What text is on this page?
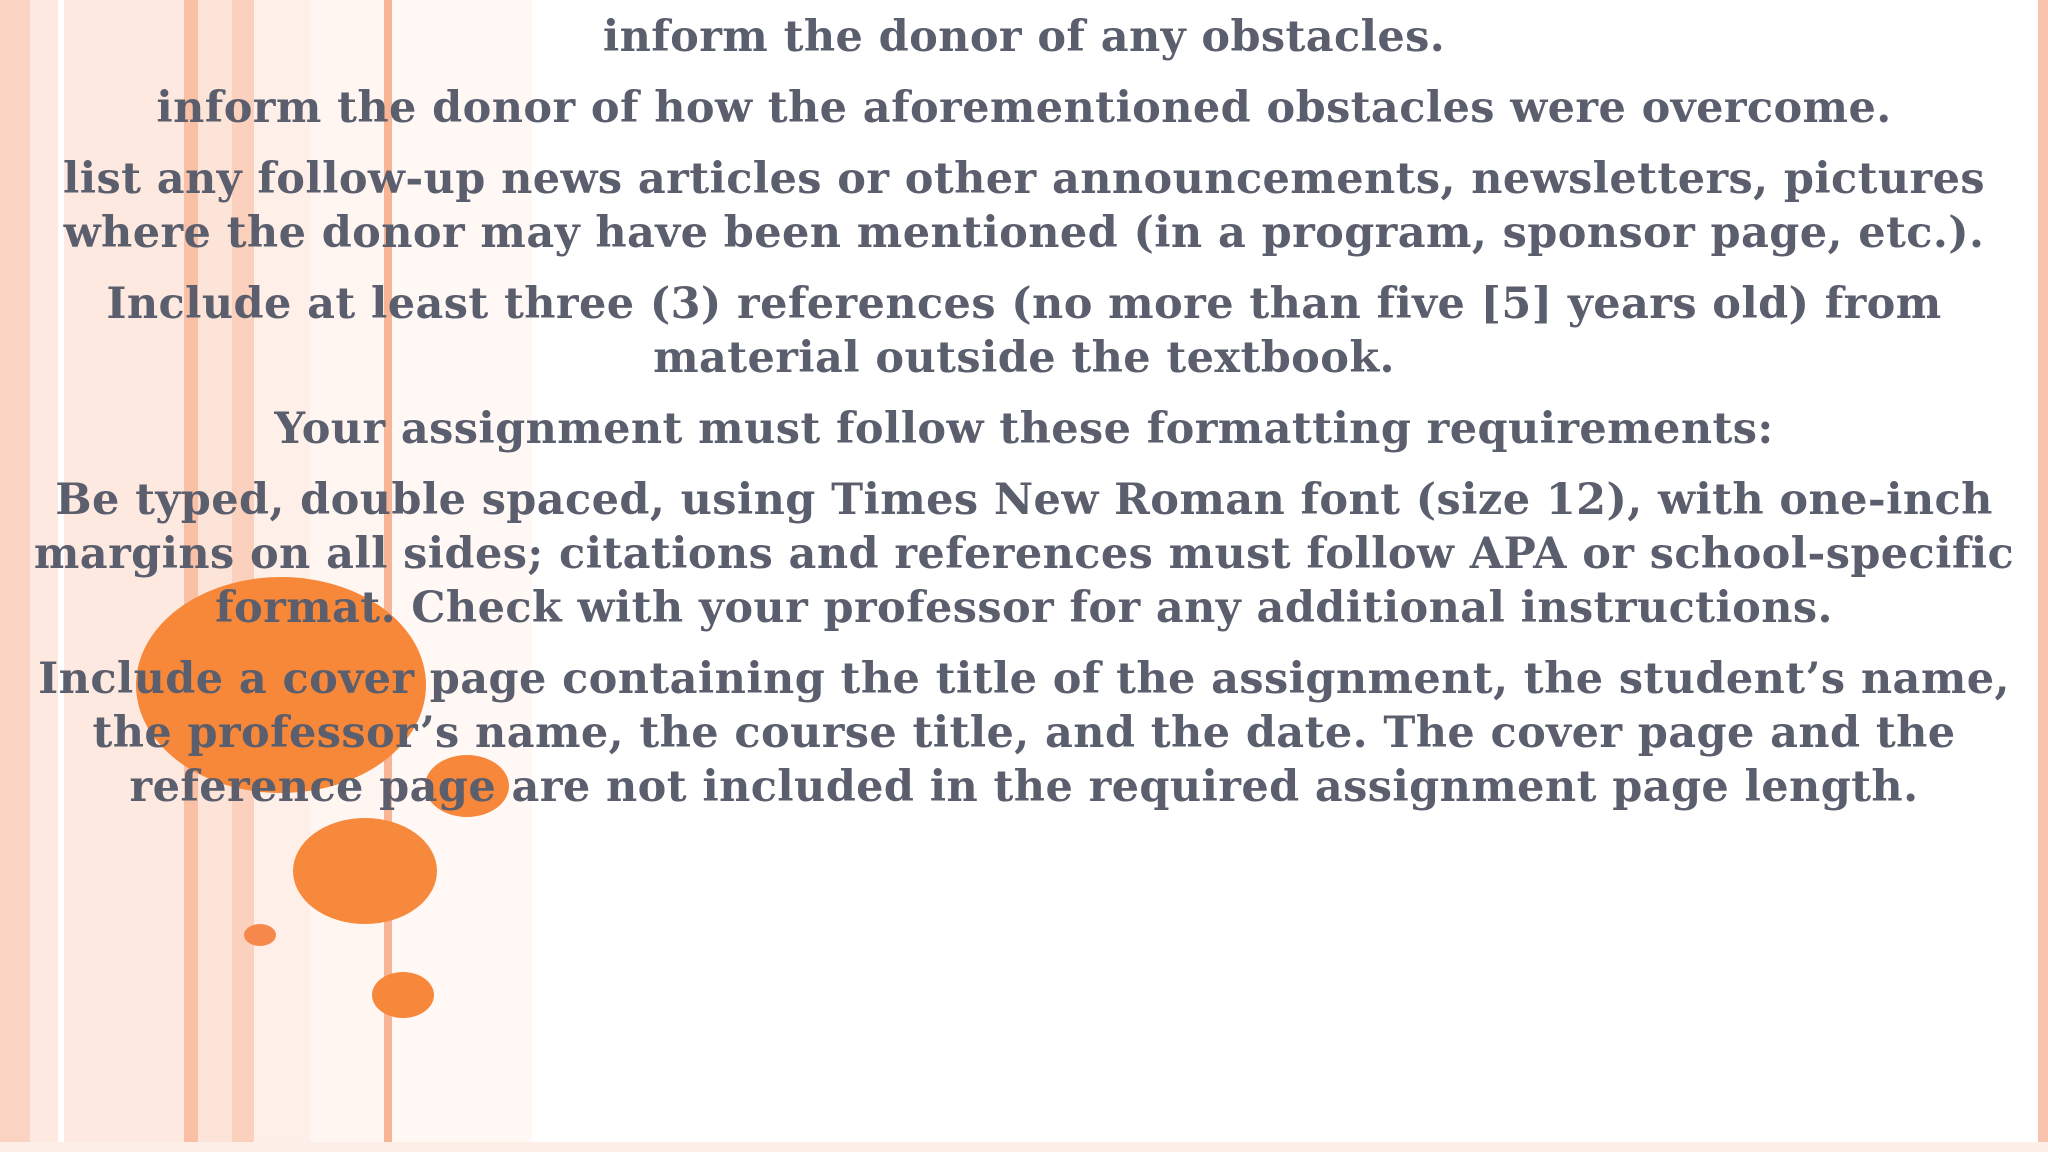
inform the donor of any obstacles.

inform the donor of how the aforementioned obstacles were overcome.

list any follow-up news articles or other announcements, newsletters, pictures where the donor may have been mentioned (in a program, sponsor page, etc.).

Include at least three (3) references (no more than five [5] years old) from material outside the textbook.

Your assignment must follow these formatting requirements:

Be typed, double spaced, using Times New Roman font (size 12), with one-inch margins on all sides; citations and references must follow APA or school-specific format. Check with your professor for any additional instructions.

Include a cover page containing the title of the assignment, the student’s name, the professor’s name, the course title, and the date. The cover page and the reference page are not included in the required assignment page length.
